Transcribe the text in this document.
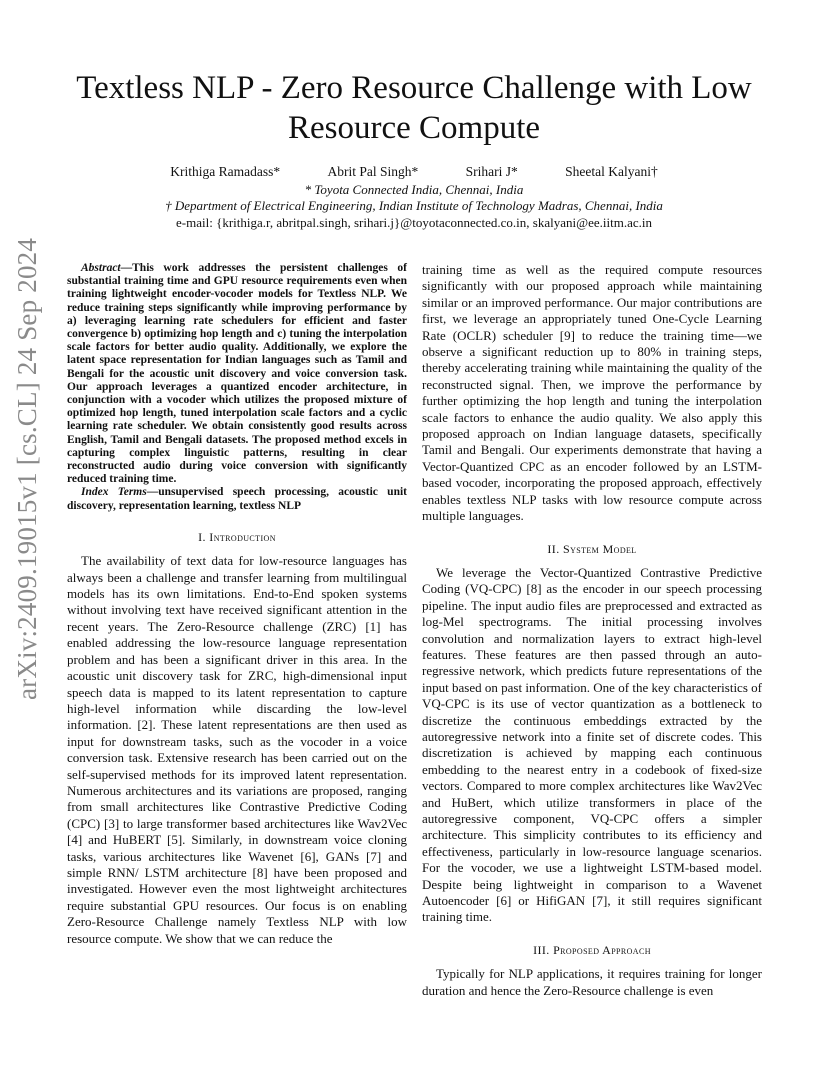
arXiv:2409.19015v1 [cs.CL] 24 Sep 2024
Textless NLP - Zero Resource Challenge with Low Resource Compute
Krithiga Ramadass*	Abrit Pal Singh*	Srihari J*	Sheetal Kalyani†
* Toyota Connected India, Chennai, India
† Department of Electrical Engineering, Indian Institute of Technology Madras, Chennai, India
e-mail: {krithiga.r, abritpal.singh, srihari.j}@toyotaconnected.co.in, skalyani@ee.iitm.ac.in

Abstract—This work addresses the persistent challenges of substantial training time and GPU resource requirements even when training lightweight encoder-vocoder models for Textless NLP. We reduce training steps significantly while improving performance by a) leveraging learning rate schedulers for efficient and faster convergence b) optimizing hop length and c) tuning the interpolation scale factors for better audio quality. Additionally, we explore the latent space representation for Indian languages such as Tamil and Bengali for the acoustic unit discovery and voice conversion task. Our approach leverages a quantized encoder architecture, in conjunction with a vocoder which utilizes the proposed mixture of optimized hop length, tuned interpolation scale factors and a cyclic learning rate scheduler. We obtain consistently good results across English, Tamil and Bengali datasets. The proposed method excels in capturing complex linguistic patterns, resulting in clear reconstructed audio during voice conversion with significantly reduced training time.

Index Terms—unsupervised speech processing, acoustic unit discovery, representation learning, textless NLP

I. Introduction

The availability of text data for low-resource languages has always been a challenge and transfer learning from multilingual models has its own limitations. End-to-End spoken systems without involving text have received significant attention in the recent years. The Zero-Resource challenge (ZRC) [1] has enabled addressing the low-resource language representation problem and has been a significant driver in this area. In the acoustic unit discovery task for ZRC, high-dimensional input speech data is mapped to its latent representation to capture high-level information while discarding the low-level information. [2]. These latent representations are then used as input for downstream tasks, such as the vocoder in a voice conversion task. Extensive research has been carried out on the self-supervised methods for its improved latent representation. Numerous architectures and its variations are proposed, ranging from small architectures like Contrastive Predictive Coding (CPC) [3] to large transformer based architectures like Wav2Vec [4] and HuBERT [5]. Similarly, in downstream voice cloning tasks, various architectures like Wavenet [6], GANs [7] and simple RNN/ LSTM architecture [8] have been proposed and investigated. However even the most lightweight architectures require substantial GPU resources. Our focus is on enabling Zero-Resource Challenge namely Textless NLP with low resource compute. We show that we can reduce the

training time as well as the required compute resources significantly with our proposed approach while maintaining similar or an improved performance. Our major contributions are first, we leverage an appropriately tuned One-Cycle Learning Rate (OCLR) scheduler [9] to reduce the training time—we observe a significant reduction up to 80% in training steps, thereby accelerating training while maintaining the quality of the reconstructed signal. Then, we improve the performance by further optimizing the hop length and tuning the interpolation scale factors to enhance the audio quality. We also apply this proposed approach on Indian language datasets, specifically Tamil and Bengali. Our experiments demonstrate that having a Vector-Quantized CPC as an encoder followed by an LSTM-based vocoder, incorporating the proposed approach, effectively enables textless NLP tasks with low resource compute across multiple languages.

II. System Model

We leverage the Vector-Quantized Contrastive Predictive Coding (VQ-CPC) [8] as the encoder in our speech processing pipeline. The input audio files are preprocessed and extracted as log-Mel spectrograms. The initial processing involves convolution and normalization layers to extract high-level features. These features are then passed through an auto-regressive network, which predicts future representations of the input based on past information. One of the key characteristics of VQ-CPC is its use of vector quantization as a bottleneck to discretize the continuous embeddings extracted by the autoregressive network into a finite set of discrete codes. This discretization is achieved by mapping each continuous embedding to the nearest entry in a codebook of fixed-size vectors. Compared to more complex architectures like Wav2Vec and HuBert, which utilize transformers in place of the autoregressive component, VQ-CPC offers a simpler architecture. This simplicity contributes to its efficiency and effectiveness, particularly in low-resource language scenarios. For the vocoder, we use a lightweight LSTM-based model. Despite being lightweight in comparison to a Wavenet Autoencoder [6] or HifiGAN [7], it still requires significant training time.

III. Proposed Approach

Typically for NLP applications, it requires training for longer duration and hence the Zero-Resource challenge is even
